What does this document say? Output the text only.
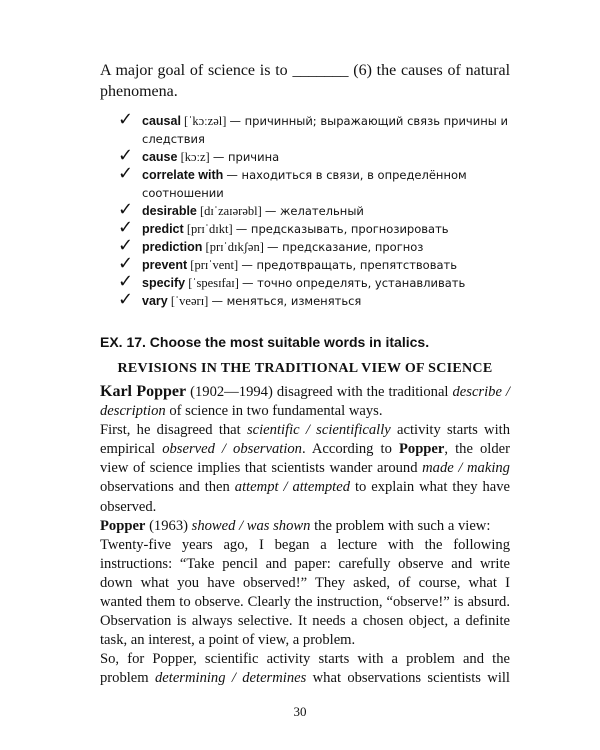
A major goal of science is to _______ (6) the causes of natural phenomena.

✓ causal [ˈkɔːzəl] — причинный; выражающий связь причины и следствия
✓ cause [kɔːz] — причина
✓ correlate with — находиться в связи, в определённом соотношении
✓ desirable [dɪˈzaɪərəbl] — желательный
✓ predict [prɪˈdɪkt] — предсказывать, прогнозировать
✓ prediction [prɪˈdɪkʃən] — предсказание, прогноз
✓ prevent [prɪˈvent] — предотвращать, препятствовать
✓ specify [ˈspesɪfaɪ] — точно определять, устанавливать
✓ vary [ˈveərɪ] — меняться, изменяться

EX. 17. Choose the most suitable words in italics.

REVISIONS IN THE TRADITIONAL VIEW OF SCIENCE

Karl Popper (1902—1994) disagreed with the traditional describe / description of science in two fundamental ways.

First, he disagreed that scientific / scientifically activity starts with empirical observed / observation. According to Popper, the older view of science implies that scientists wander around made / making observations and then attempt / attempted to explain what they have observed.

Popper (1963) showed / was shown the problem with such a view:

Twenty-five years ago, I began a lecture with the following instructions: “Take pencil and paper: carefully observe and write down what you have observed!” They asked, of course, what I wanted them to observe. Clearly the instruction, “observe!” is absurd. Observation is always selective. It needs a chosen object, a definite task, an interest, a point of view, a problem.

So, for Popper, scientific activity starts with a problem and the problem determining / determines what observations scientists will

30
